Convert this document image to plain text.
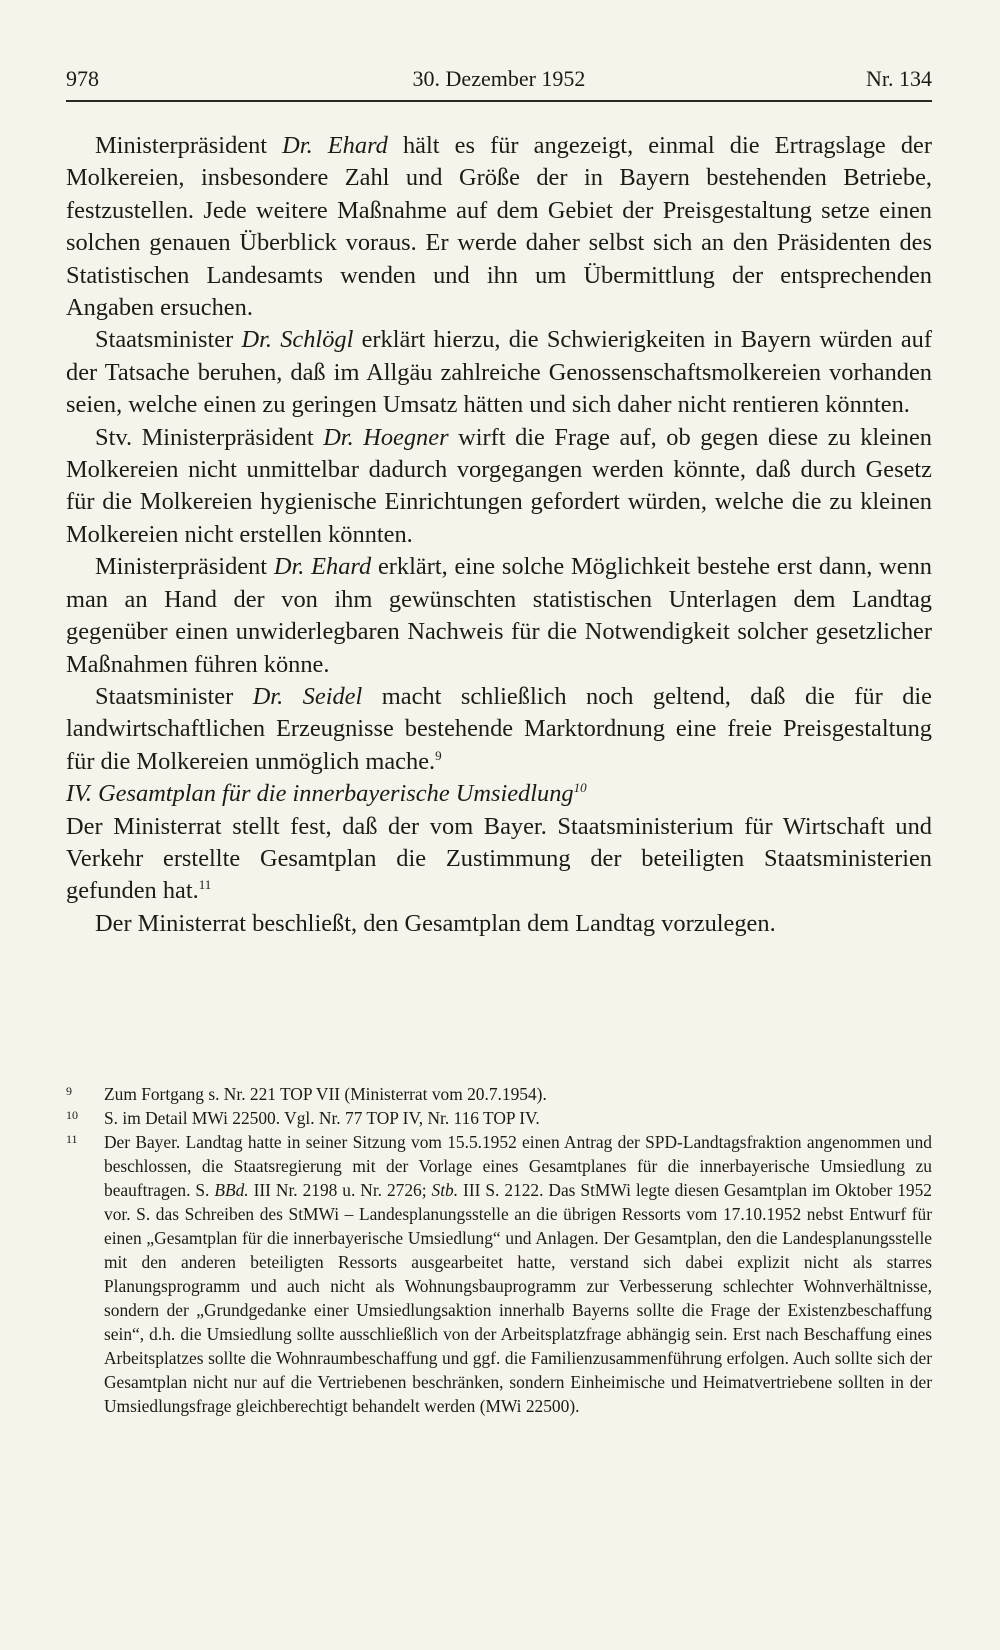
978	30. Dezember 1952	Nr. 134

Ministerpräsident Dr. Ehard hält es für angezeigt, einmal die Ertragslage der Molkereien, insbesondere Zahl und Größe der in Bayern bestehenden Betriebe, festzustellen. Jede weitere Maßnahme auf dem Gebiet der Preisgestaltung setze einen solchen genauen Überblick voraus. Er werde daher selbst sich an den Präsidenten des Statistischen Landesamts wenden und ihn um Übermittlung der entsprechenden Angaben ersuchen.

Staatsminister Dr. Schlögl erklärt hierzu, die Schwierigkeiten in Bayern würden auf der Tatsache beruhen, daß im Allgäu zahlreiche Genossenschaftsmolkereien vorhanden seien, welche einen zu geringen Umsatz hätten und sich daher nicht rentieren könnten.

Stv. Ministerpräsident Dr. Hoegner wirft die Frage auf, ob gegen diese zu kleinen Molkereien nicht unmittelbar dadurch vorgegangen werden könnte, daß durch Gesetz für die Molkereien hygienische Einrichtungen gefordert würden, welche die zu kleinen Molkereien nicht erstellen könnten.

Ministerpräsident Dr. Ehard erklärt, eine solche Möglichkeit bestehe erst dann, wenn man an Hand der von ihm gewünschten statistischen Unterlagen dem Landtag gegenüber einen unwiderlegbaren Nachweis für die Notwendigkeit solcher gesetzlicher Maßnahmen führen könne.

Staatsminister Dr. Seidel macht schließlich noch geltend, daß die für die landwirtschaftlichen Erzeugnisse bestehende Marktordnung eine freie Preisgestaltung für die Molkereien unmöglich mache.$^9$

IV. Gesamtplan für die innerbayerische Umsiedlung$^{10}$

Der Ministerrat stellt fest, daß der vom Bayer. Staatsministerium für Wirtschaft und Verkehr erstellte Gesamtplan die Zustimmung der beteiligten Staatsministerien gefunden hat.$^{11}$

Der Ministerrat beschließt, den Gesamtplan dem Landtag vorzulegen.

9 Zum Fortgang s. Nr. 221 TOP VII (Ministerrat vom 20.7.1954).

10 S. im Detail MWi 22500. Vgl. Nr. 77 TOP IV, Nr. 116 TOP IV.

11 Der Bayer. Landtag hatte in seiner Sitzung vom 15.5.1952 einen Antrag der SPD-Landtagsfraktion angenommen und beschlossen, die Staatsregierung mit der Vorlage eines Gesamtplanes für die innerbayerische Umsiedlung zu beauftragen. S. BBd. III Nr. 2198 u. Nr. 2726; Stb. III S. 2122. Das StMWi legte diesen Gesamtplan im Oktober 1952 vor. S. das Schreiben des StMWi – Landesplanungsstelle an die übrigen Ressorts vom 17.10.1952 nebst Entwurf für einen „Gesamtplan für die innerbayerische Umsiedlung“ und Anlagen. Der Gesamtplan, den die Landesplanungsstelle mit den anderen beteiligten Ressorts ausgearbeitet hatte, verstand sich dabei explizit nicht als starres Planungsprogramm und auch nicht als Wohnungsbauprogramm zur Verbesserung schlechter Wohnverhältnisse, sondern der „Grundgedanke einer Umsiedlungsaktion innerhalb Bayerns sollte die Frage der Existenzbeschaffung sein“, d.h. die Umsiedlung sollte ausschließlich von der Arbeitsplatzfrage abhängig sein. Erst nach Beschaffung eines Arbeitsplatzes sollte die Wohnraumbeschaffung und ggf. die Familienzusammenführung erfolgen. Auch sollte sich der Gesamtplan nicht nur auf die Vertriebenen beschränken, sondern Einheimische und Heimatvertriebene sollten in der Umsiedlungsfrage gleichberechtigt behandelt werden (MWi 22500).
